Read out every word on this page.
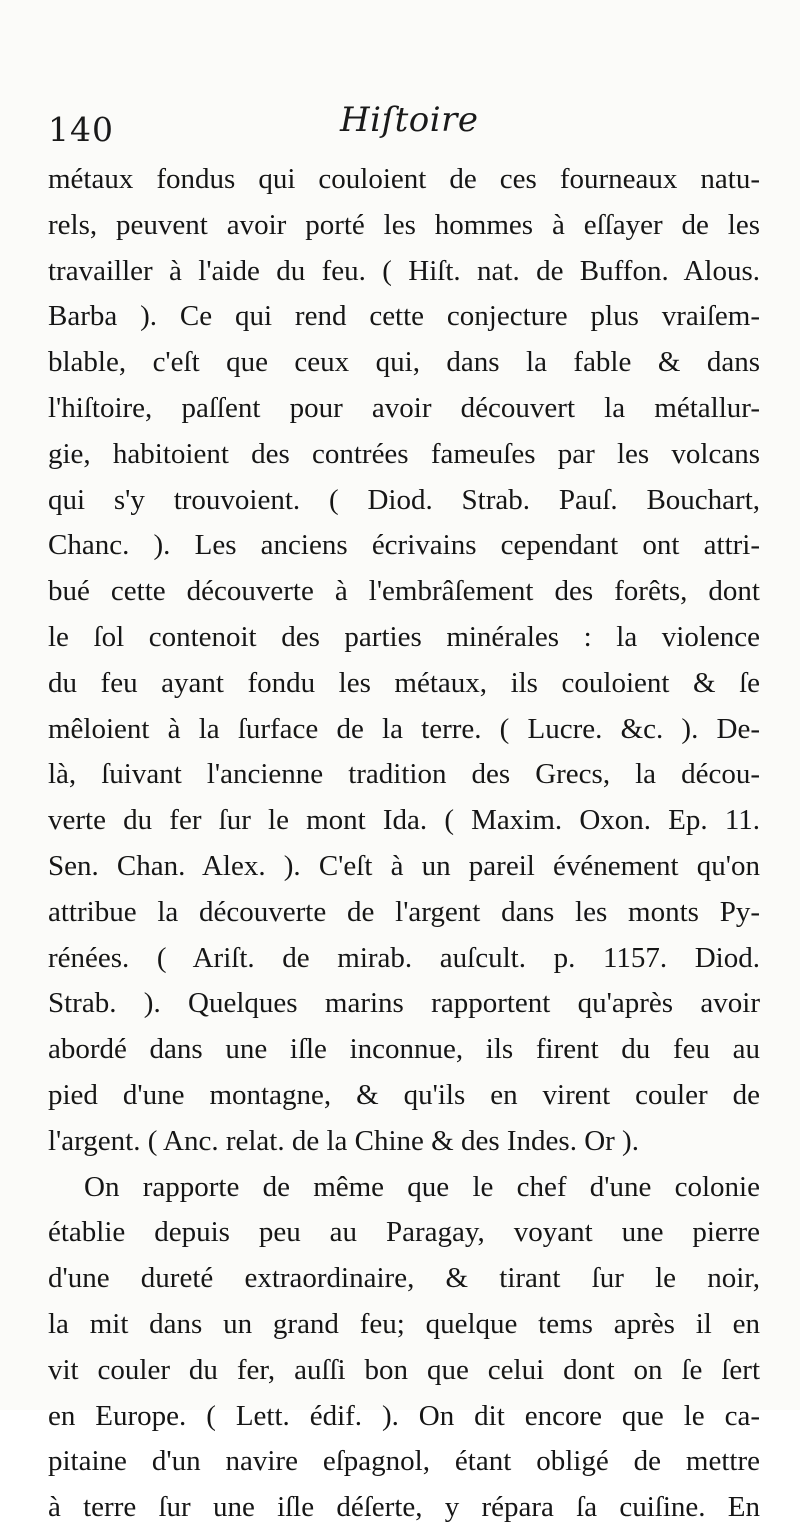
140	Hiſtoire
métaux fondus qui couloient de ces fourneaux natu-
rels, peuvent avoir porté les hommes à eſſayer de les
travailler à l'aide du feu. ( Hiſt. nat. de Buffon. Alous.
Barba ). Ce qui rend cette conjecture plus vraiſem-
blable, c'eſt que ceux qui, dans la fable & dans
l'hiſtoire, paſſent pour avoir découvert la métallur-
gie, habitoient des contrées fameuſes par les volcans
qui s'y trouvoient. ( Diod. Strab. Pauſ. Bouchart,
Chanc. ). Les anciens écrivains cependant ont attri-
bué cette découverte à l'embrâſement des forêts, dont
le ſol contenoit des parties minérales : la violence
du feu ayant fondu les métaux, ils couloient & ſe
mêloient à la ſurface de la terre. ( Lucre. &c. ). De-
là, ſuivant l'ancienne tradition des Grecs, la décou-
verte du fer ſur le mont Ida. ( Maxim. Oxon. Ep. 11.
Sen. Chan. Alex. ). C'eſt à un pareil événement qu'on
attribue la découverte de l'argent dans les monts Py-
rénées. ( Ariſt. de mirab. auſcult. p. 1157. Diod.
Strab. ). Quelques marins rapportent qu'après avoir
abordé dans une iſle inconnue, ils firent du feu au
pied d'une montagne, & qu'ils en virent couler de
l'argent. ( Anc. relat. de la Chine & des Indes. Or ).
On rapporte de même que le chef d'une colonie
établie depuis peu au Paragay, voyant une pierre
d'une dureté extraordinaire, & tirant ſur le noir,
la mit dans un grand feu; quelque tems après il en
vit couler du fer, auſſi bon que celui dont on ſe ſert
en Europe. ( Lett. édif. ). On dit encore que le ca-
pitaine d'un navire eſpagnol, étant obligé de mettre
à terre ſur une iſle déſerte, y répara ſa cuiſine. En
